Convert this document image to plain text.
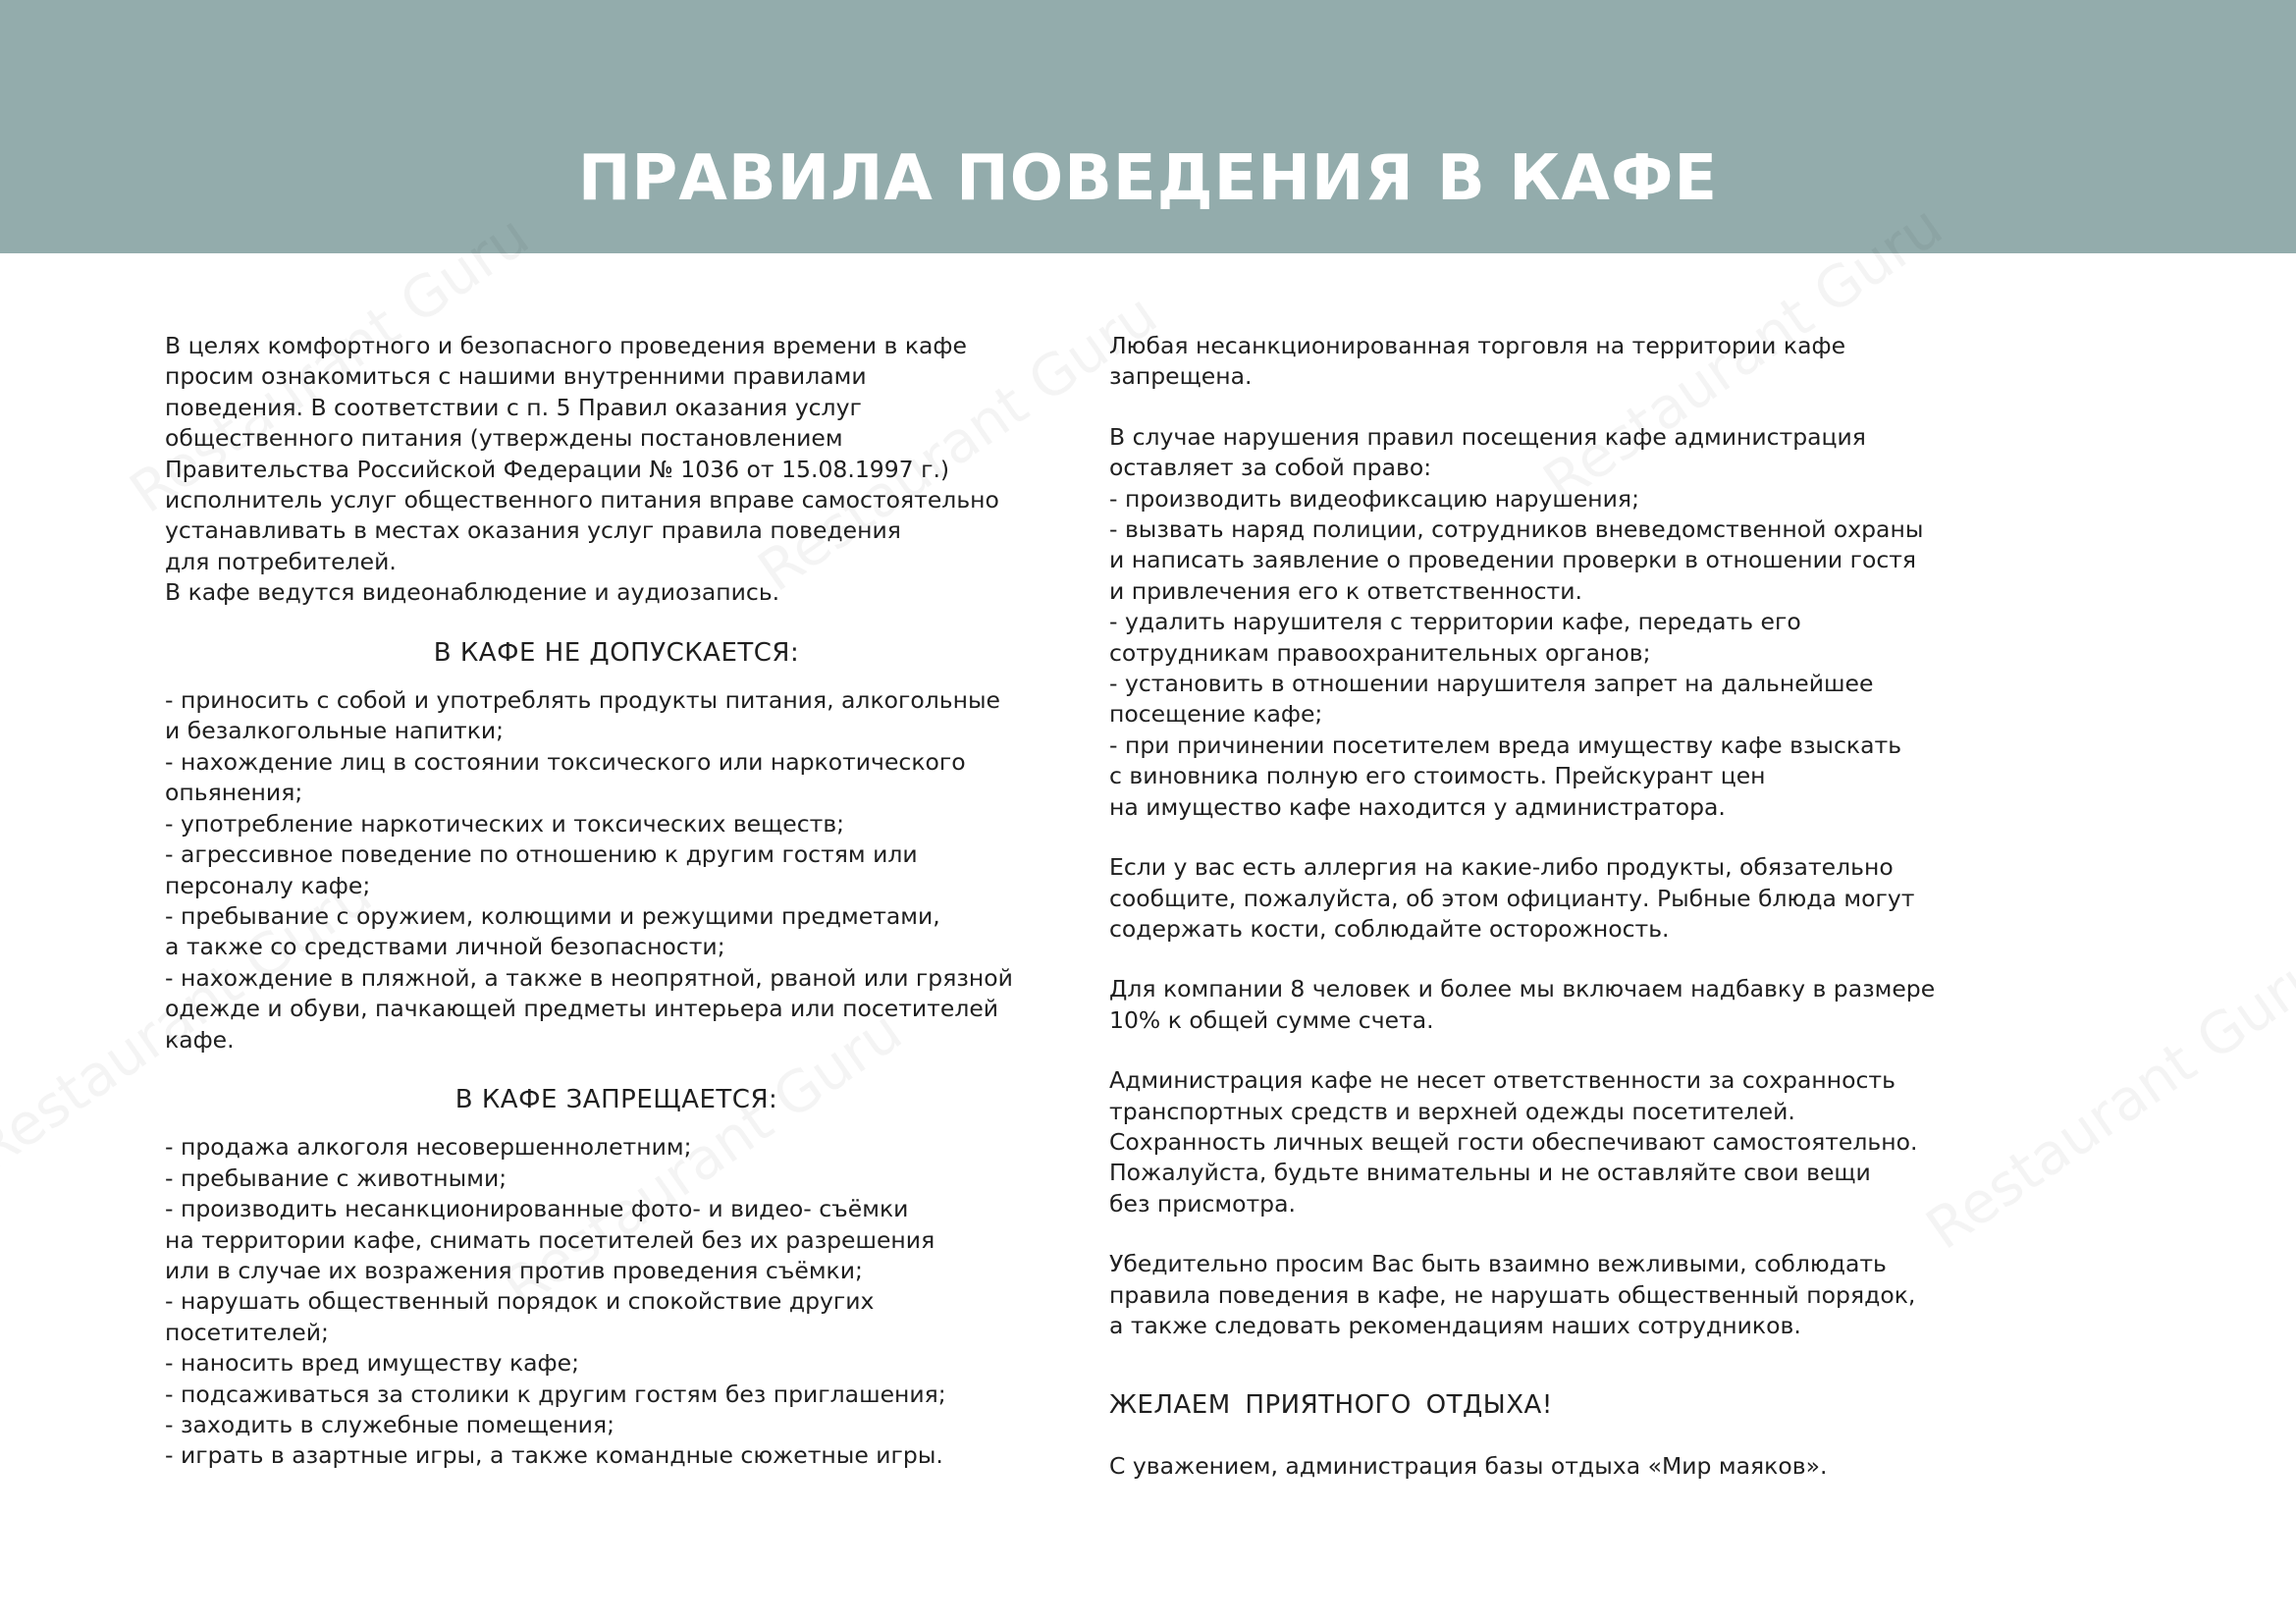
ПРАВИЛА ПОВЕДЕНИЯ В КАФЕ

В целях комфортного и безопасного проведения времени в кафе
просим ознакомиться с нашими внутренними правилами
поведения. В соответствии с п. 5 Правил оказания услуг
общественного питания (утверждены постановлением
Правительства Российской Федерации № 1036 от 15.08.1997 г.)
исполнитель услуг общественного питания вправе самостоятельно
устанавливать в местах оказания услуг правила поведения
для потребителей.
В кафе ведутся видеонаблюдение и аудиозапись.

В КАФЕ НЕ ДОПУСКАЕТСЯ:

- приносить с собой и употреблять продукты питания, алкогольные
и безалкогольные напитки;
- нахождение лиц в состоянии токсического или наркотического
опьянения;
- употребление наркотических и токсических веществ;
- агрессивное поведение по отношению к другим гостям или
персоналу кафе;
- пребывание с оружием, колющими и режущими предметами,
а также со средствами личной безопасности;
- нахождение в пляжной, а также в неопрятной, рваной или грязной
одежде и обуви, пачкающей предметы интерьера или посетителей
кафе.

В КАФЕ ЗАПРЕЩАЕТСЯ:

- продажа алкоголя несовершеннолетним;
- пребывание с животными;
- производить несанкционированные фото- и видео- съёмки
на территории кафе, снимать посетителей без их разрешения
или в случае их возражения против проведения съёмки;
- нарушать общественный порядок и спокойствие других
посетителей;
- наносить вред имуществу кафе;
- подсаживаться за столики к другим гостям без приглашения;
- заходить в служебные помещения;
- играть в азартные игры, а также командные сюжетные игры.

Любая несанкционированная торговля на территории кафе
запрещена.

В случае нарушения правил посещения кафе администрация
оставляет за собой право:
- производить видеофиксацию нарушения;
- вызвать наряд полиции, сотрудников вневедомственной охраны
и написать заявление о проведении проверки в отношении гостя
и привлечения его к ответственности.
- удалить нарушителя с территории кафе, передать его
сотрудникам правоохранительных органов;
- установить в отношении нарушителя запрет на дальнейшее
посещение кафе;
- при причинении посетителем вреда имуществу кафе взыскать
с виновника полную его стоимость. Прейскурант цен
на имущество кафе находится у администратора.

Если у вас есть аллергия на какие-либо продукты, обязательно
сообщите, пожалуйста, об этом официанту. Рыбные блюда могут
содержать кости, соблюдайте осторожность.

Для компании 8 человек и более мы включаем надбавку в размере
10% к общей сумме счета.

Администрация кафе не несет ответственности за сохранность
транспортных средств и верхней одежды посетителей.
Сохранность личных вещей гости обеспечивают самостоятельно.
Пожалуйста, будьте внимательны и не оставляйте свои вещи
без присмотра.

Убедительно просим Вас быть взаимно вежливыми, соблюдать
правила поведения в кафе, не нарушать общественный порядок,
а также следовать рекомендациям наших сотрудников.

ЖЕЛАЕМ ПРИЯТНОГО ОТДЫХА!

С уважением, администрация базы отдыха «Мир маяков».
